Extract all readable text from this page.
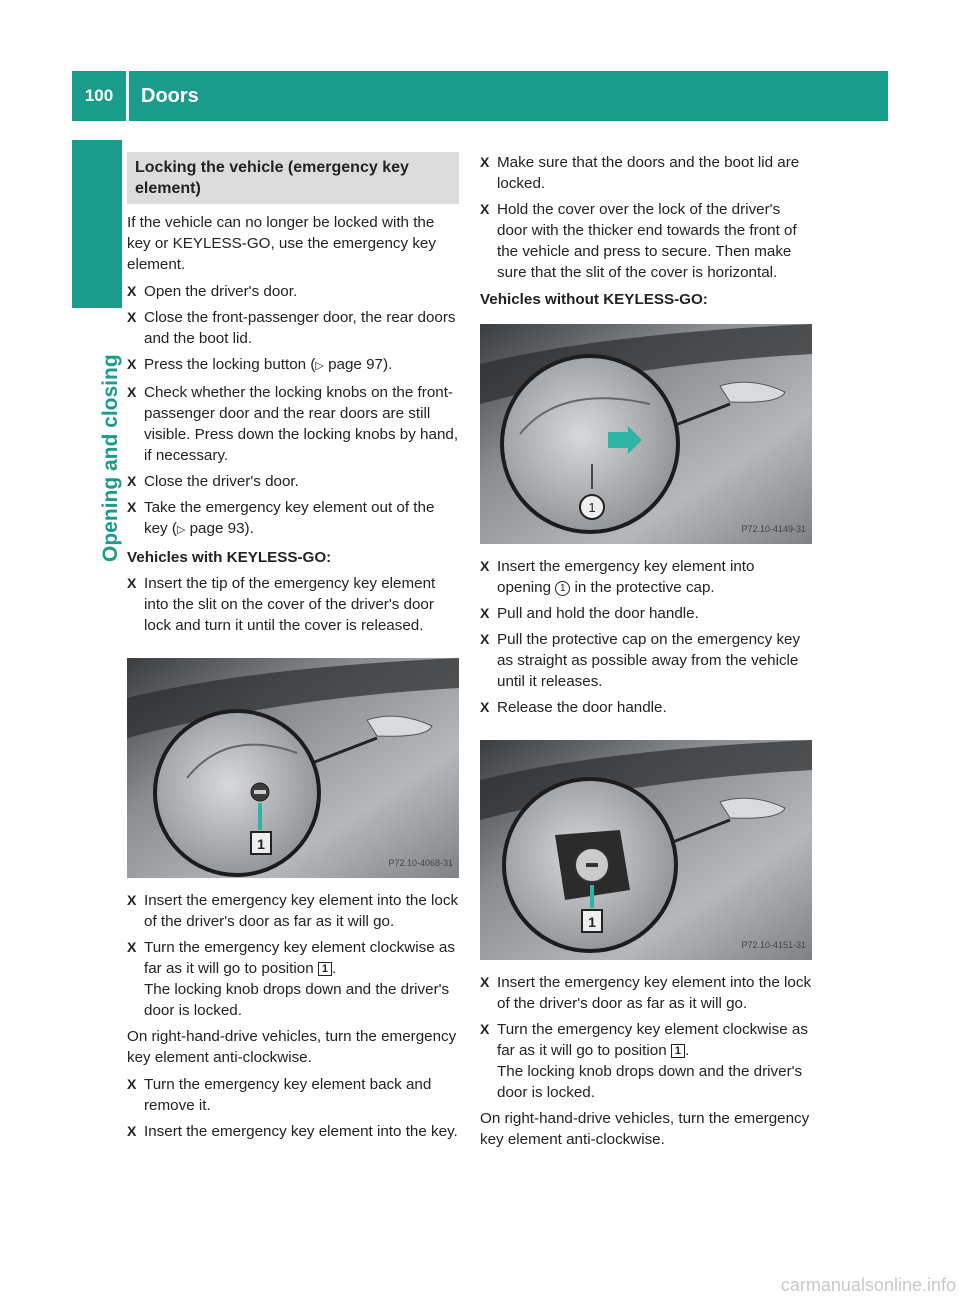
100	Doors
Opening and closing
Locking the vehicle (emergency key
element)

If the vehicle can no longer be locked with the key or KEYLESS-GO, use the emergency key element.

X Open the driver's door.
X Close the front-passenger door, the rear doors and the boot lid.
X Press the locking button (▷ page 97).
X Check whether the locking knobs on the front-passenger door and the rear doors are still visible. Press down the locking knobs by hand, if necessary.
X Close the driver's door.
X Take the emergency key element out of the key (▷ page 93).

Vehicles with KEYLESS-GO:

X Insert the tip of the emergency key element into the slit on the cover of the driver's door lock and turn it until the cover is released.
1
P72.10-4068-31
X Insert the emergency key element into the lock of the driver's door as far as it will go.
X Turn the emergency key element clockwise as far as it will go to position 1 .
The locking knob drops down and the driver's door is locked.

On right-hand-drive vehicles, turn the emergency key element anti-clockwise.

X Turn the emergency key element back and remove it.
X Insert the emergency key element into the key.
X Make sure that the doors and the boot lid are locked.
X Hold the cover over the lock of the driver's door with the thicker end towards the front of the vehicle and press to secure. Then make sure that the slit of the cover is horizontal.

Vehicles without KEYLESS-GO:

1
P72.10-4149-31
X Insert the emergency key element into opening 1 in the protective cap.
X Pull and hold the door handle.
X Pull the protective cap on the emergency key as straight as possible away from the vehicle until it releases.
X Release the door handle.
1
P72.10-4151-31
X Insert the emergency key element into the lock of the driver's door as far as it will go.
X Turn the emergency key element clockwise as far as it will go to position 1 .
The locking knob drops down and the driver's door is locked.

On right-hand-drive vehicles, turn the emergency key element anti-clockwise.

carmanualsonline.info
